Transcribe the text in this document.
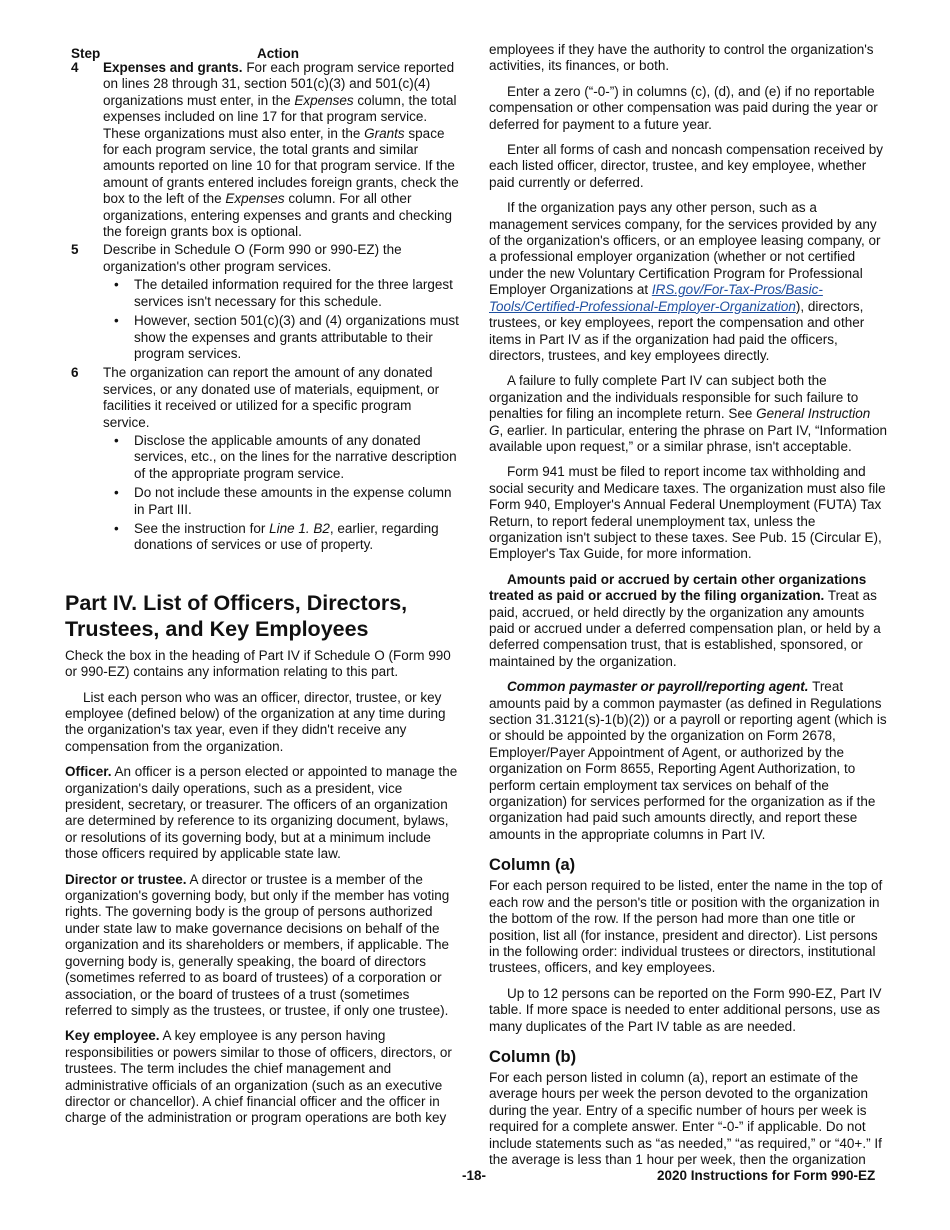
Step	Action
4 Expenses and grants. For each program service reported on lines 28 through 31, section 501(c)(3) and 501(c)(4) organizations must enter, in the Expenses column, the total expenses included on line 17 for that program service. These organizations must also enter, in the Grants space for each program service, the total grants and similar amounts reported on line 10 for that program service. If the amount of grants entered includes foreign grants, check the box to the left of the Expenses column. For all other organizations, entering expenses and grants and checking the foreign grants box is optional.
5 Describe in Schedule O (Form 990 or 990-EZ) the organization's other program services.
• The detailed information required for the three largest services isn't necessary for this schedule.
• However, section 501(c)(3) and (4) organizations must show the expenses and grants attributable to their program services.
6 The organization can report the amount of any donated services, or any donated use of materials, equipment, or facilities it received or utilized for a specific program service.
• Disclose the applicable amounts of any donated services, etc., on the lines for the narrative description of the appropriate program service.
• Do not include these amounts in the expense column in Part III.
• See the instruction for Line 1. B2, earlier, regarding donations of services or use of property.
Part IV. List of Officers, Directors, Trustees, and Key Employees

Check the box in the heading of Part IV if Schedule O (Form 990 or 990-EZ) contains any information relating to this part.

List each person who was an officer, director, trustee, or key employee (defined below) of the organization at any time during the organization's tax year, even if they didn't receive any compensation from the organization.

Officer. An officer is a person elected or appointed to manage the organization's daily operations, such as a president, vice president, secretary, or treasurer. The officers of an organization are determined by reference to its organizing document, bylaws, or resolutions of its governing body, but at a minimum include those officers required by applicable state law.

Director or trustee. A director or trustee is a member of the organization's governing body, but only if the member has voting rights. The governing body is the group of persons authorized under state law to make governance decisions on behalf of the organization and its shareholders or members, if applicable. The governing body is, generally speaking, the board of directors (sometimes referred to as board of trustees) of a corporation or association, or the board of trustees of a trust (sometimes referred to simply as the trustees, or trustee, if only one trustee).

Key employee. A key employee is any person having responsibilities or powers similar to those of officers, directors, or trustees. The term includes the chief management and administrative officials of an organization (such as an executive director or chancellor). A chief financial officer and the officer in charge of the administration or program operations are both key

employees if they have the authority to control the organization's activities, its finances, or both.

Enter a zero (“-0-”) in columns (c), (d), and (e) if no reportable compensation or other compensation was paid during the year or deferred for payment to a future year.

Enter all forms of cash and noncash compensation received by each listed officer, director, trustee, and key employee, whether paid currently or deferred.

If the organization pays any other person, such as a management services company, for the services provided by any of the organization's officers, or an employee leasing company, or a professional employer organization (whether or not certified under the new Voluntary Certification Program for Professional Employer Organizations at IRS.gov/For-Tax-Pros/Basic-Tools/Certified-Professional-Employer-Organization), directors, trustees, or key employees, report the compensation and other items in Part IV as if the organization had paid the officers, directors, trustees, and key employees directly.

A failure to fully complete Part IV can subject both the organization and the individuals responsible for such failure to penalties for filing an incomplete return. See General Instruction G, earlier. In particular, entering the phrase on Part IV, “Information available upon request,” or a similar phrase, isn't acceptable.

Form 941 must be filed to report income tax withholding and social security and Medicare taxes. The organization must also file Form 940, Employer's Annual Federal Unemployment (FUTA) Tax Return, to report federal unemployment tax, unless the organization isn't subject to these taxes. See Pub. 15 (Circular E), Employer's Tax Guide, for more information.

Amounts paid or accrued by certain other organizations treated as paid or accrued by the filing organization. Treat as paid, accrued, or held directly by the organization any amounts paid or accrued under a deferred compensation plan, or held by a deferred compensation trust, that is established, sponsored, or maintained by the organization.

Common paymaster or payroll/reporting agent. Treat amounts paid by a common paymaster (as defined in Regulations section 31.3121(s)-1(b)(2)) or a payroll or reporting agent (which is or should be appointed by the organization on Form 2678, Employer/Payer Appointment of Agent, or authorized by the organization on Form 8655, Reporting Agent Authorization, to perform certain employment tax services on behalf of the organization) for services performed for the organization as if the organization had paid such amounts directly, and report these amounts in the appropriate columns in Part IV.

Column (a)

For each person required to be listed, enter the name in the top of each row and the person's title or position with the organization in the bottom of the row. If the person had more than one title or position, list all (for instance, president and director). List persons in the following order: individual trustees or directors, institutional trustees, officers, and key employees.

Up to 12 persons can be reported on the Form 990-EZ, Part IV table. If more space is needed to enter additional persons, use as many duplicates of the Part IV table as are needed.

Column (b)

For each person listed in column (a), report an estimate of the average hours per week the person devoted to the organization during the year. Entry of a specific number of hours per week is required for a complete answer. Enter “-0-” if applicable. Do not include statements such as “as needed,” “as required,” or “40+.” If the average is less than 1 hour per week, then the organization

-18-	2020 Instructions for Form 990-EZ
